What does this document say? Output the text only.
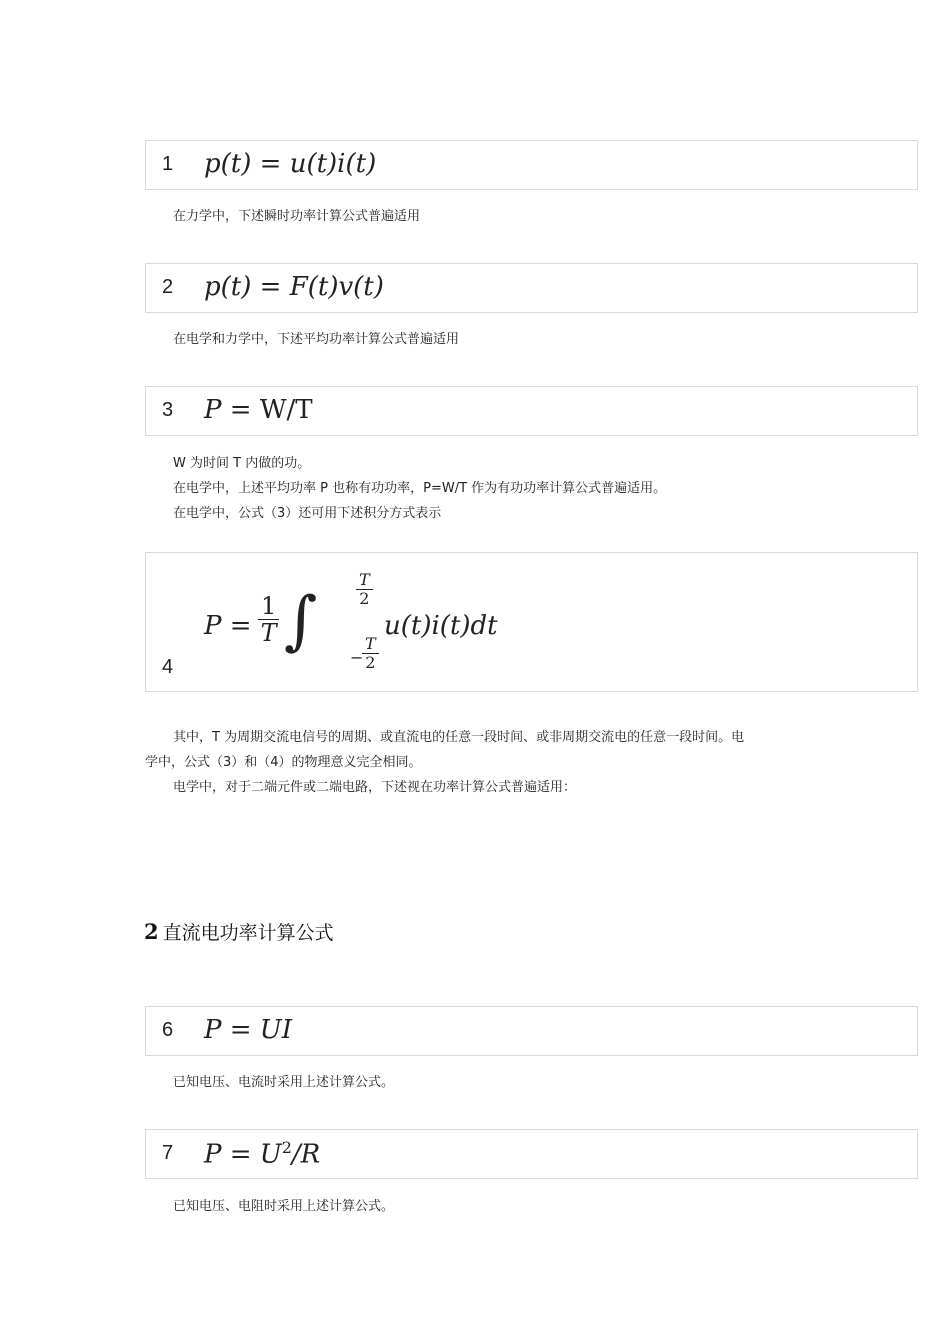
1 p(t) = u(t)i(t)
在力学中，下述瞬时功率计算公式普遍适用
2 p(t) = F(t)v(t)
在电学和力学中，下述平均功率计算公式普遍适用
3 P = W/T
W 为时间 T 内做的功。
在电学中，上述平均功率 P 也称有功功率，P=W/T 作为有功功率计算公式普遍适用。
在电学中，公式（3）还可用下述积分方式表示
4
$P = \frac{1}{T}$ ∫ $\frac{T}{2}$
−
$\frac{T}{2}$
u(t)i(t)dt
其中，T 为周期交流电信号的周期、或直流电的任意一段时间、或非周期交流电的任意一段时间。电
学中，公式（3）和（4）的物理意义完全相同。
电学中，对于二端元件或二端电路，下述视在功率计算公式普遍适用：
2 直流电功率计算公式
6 P = UI
已知电压、电流时采用上述计算公式。
7 $P = U^2/R$
已知电压、电阻时采用上述计算公式。
